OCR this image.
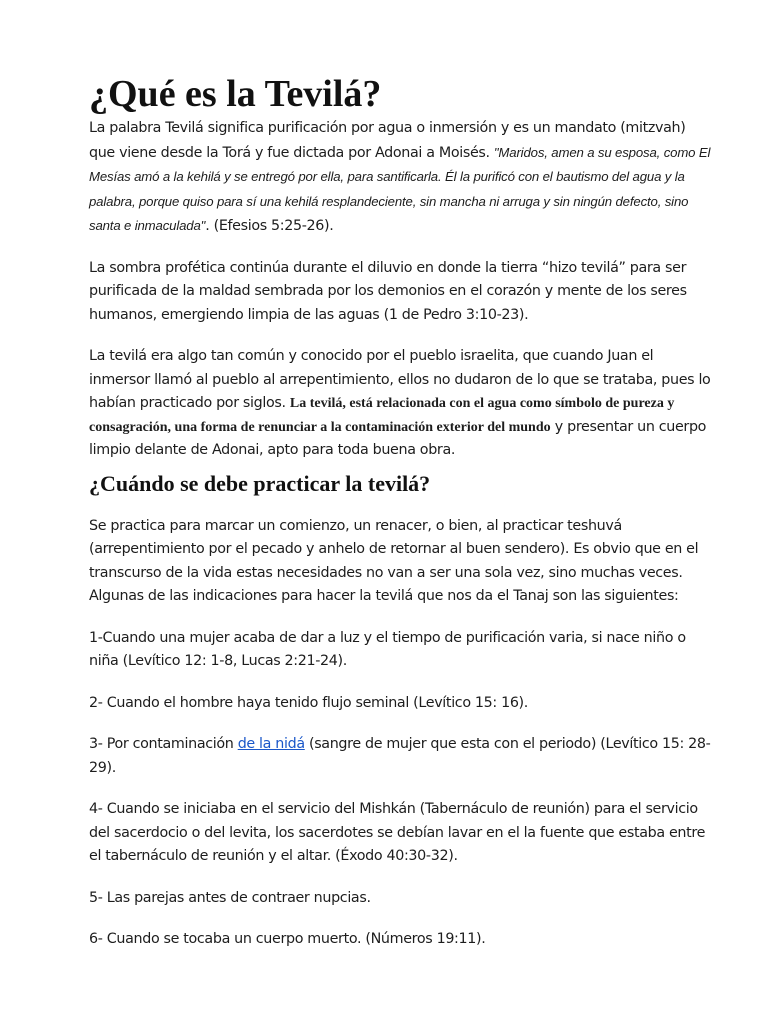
¿Qué es la Tevilá?

La palabra Tevilá significa purificación por agua o inmersión y es un mandato (mitzvah) que viene desde la Torá y fue dictada por Adonai a Moisés. "Maridos, amen a su esposa, como El Mesías amó a la kehilá y se entregó por ella, para santificarla. Él la purificó con el bautismo del agua y la palabra, porque quiso para sí una kehilá resplandeciente, sin mancha ni arruga y sin ningún defecto, sino santa e inmaculada". (Efesios 5:25-26).

La sombra profética continúa durante el diluvio en donde la tierra “hizo tevilá” para ser purificada de la maldad sembrada por los demonios en el corazón y mente de los seres humanos, emergiendo limpia de las aguas (1 de Pedro 3:10-23).

La tevilá era algo tan común y conocido por el pueblo israelita, que cuando Juan el inmersor llamó al pueblo al arrepentimiento, ellos no dudaron de lo que se trataba, pues lo habían practicado por siglos. La tevilá, está relacionada con el agua como símbolo de pureza y consagración, una forma de renunciar a la contaminación exterior del mundo y presentar un cuerpo limpio delante de Adonai, apto para toda buena obra.

¿Cuándo se debe practicar la tevilá?

Se practica para marcar un comienzo, un renacer, o bien, al practicar teshuvá (arrepentimiento por el pecado y anhelo de retornar al buen sendero). Es obvio que en el transcurso de la vida estas necesidades no van a ser una sola vez, sino muchas veces. Algunas de las indicaciones para hacer la tevilá que nos da el Tanaj son las siguientes:

1-Cuando una mujer acaba de dar a luz y el tiempo de purificación varia, si nace niño o niña (Levítico 12: 1-8, Lucas 2:21-24).

2- Cuando el hombre haya tenido flujo seminal (Levítico 15: 16).

3- Por contaminación de la nidá (sangre de mujer que esta con el periodo) (Levítico 15: 28-29).

4- Cuando se iniciaba en el servicio del Mishkán (Tabernáculo de reunión) para el servicio del sacerdocio o del levita, los sacerdotes se debían lavar en el la fuente que estaba entre el tabernáculo de reunión y el altar. (Éxodo 40:30-32).

5- Las parejas antes de contraer nupcias.

6- Cuando se tocaba un cuerpo muerto. (Números 19:11).
